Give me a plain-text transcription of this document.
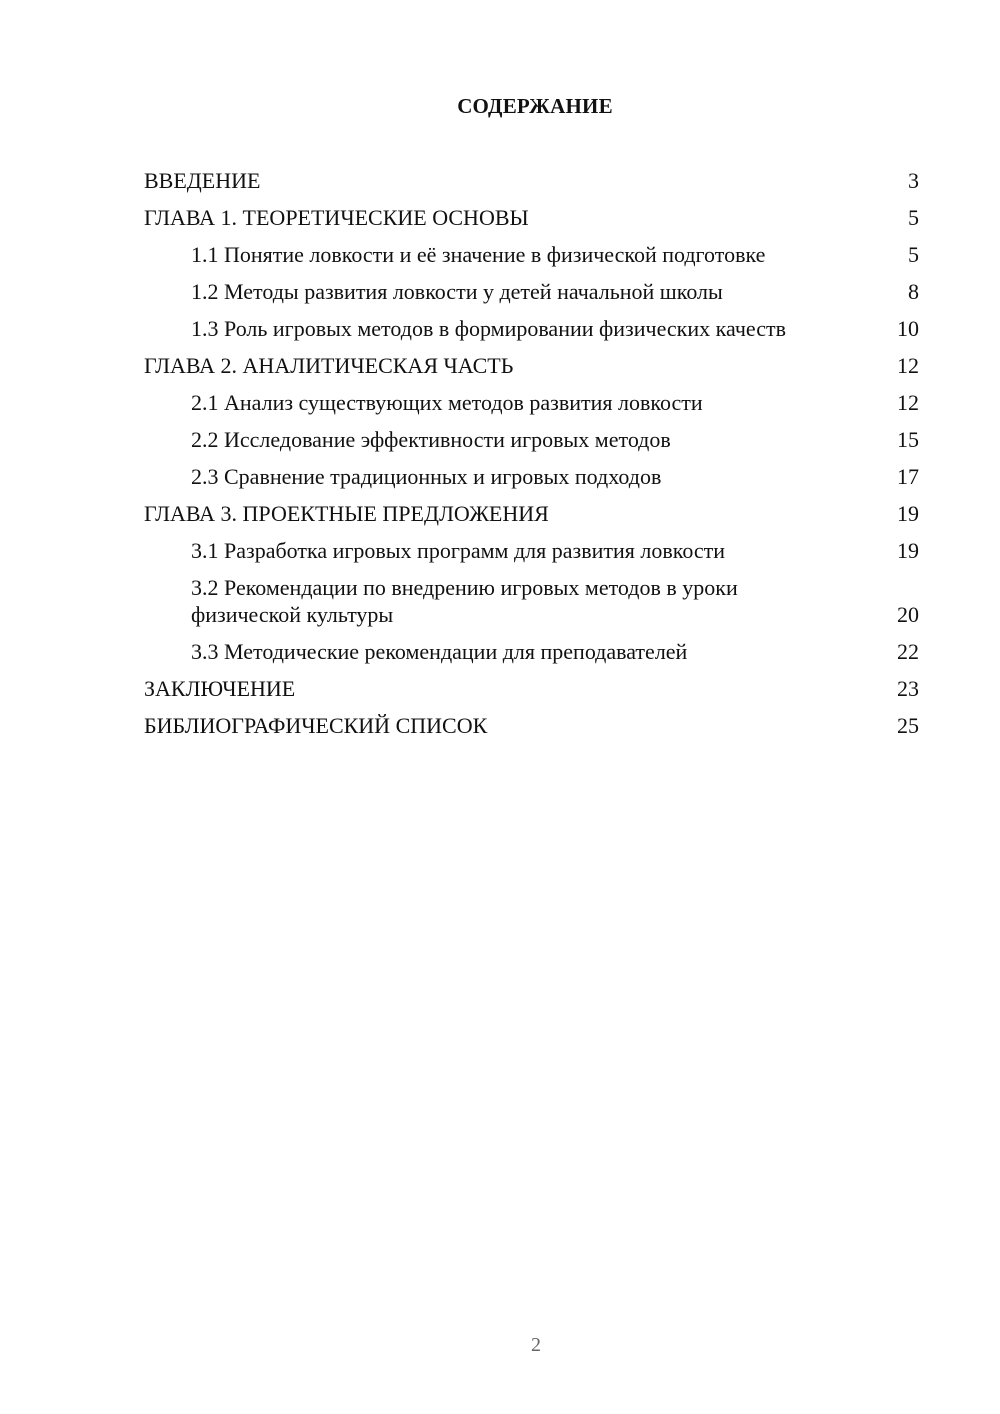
СОДЕРЖАНИЕ
ВВЕДЕНИЕ	3
ГЛАВА 1. ТЕОРЕТИЧЕСКИЕ ОСНОВЫ	5
1.1 Понятие ловкости и её значение в физической подготовке	5
1.2 Методы развития ловкости у детей начальной школы	8
1.3 Роль игровых методов в формировании физических качеств	10
ГЛАВА 2. АНАЛИТИЧЕСКАЯ ЧАСТЬ	12
2.1 Анализ существующих методов развития ловкости	12
2.2 Исследование эффективности игровых методов	15
2.3 Сравнение традиционных и игровых подходов	17
ГЛАВА 3. ПРОЕКТНЫЕ ПРЕДЛОЖЕНИЯ	19
3.1 Разработка игровых программ для развития ловкости	19
3.2 Рекомендации по внедрению игровых методов в уроки физической культуры	20
3.3 Методические рекомендации для преподавателей	22
ЗАКЛЮЧЕНИЕ	23
БИБЛИОГРАФИЧЕСКИЙ СПИСОК	25
2
